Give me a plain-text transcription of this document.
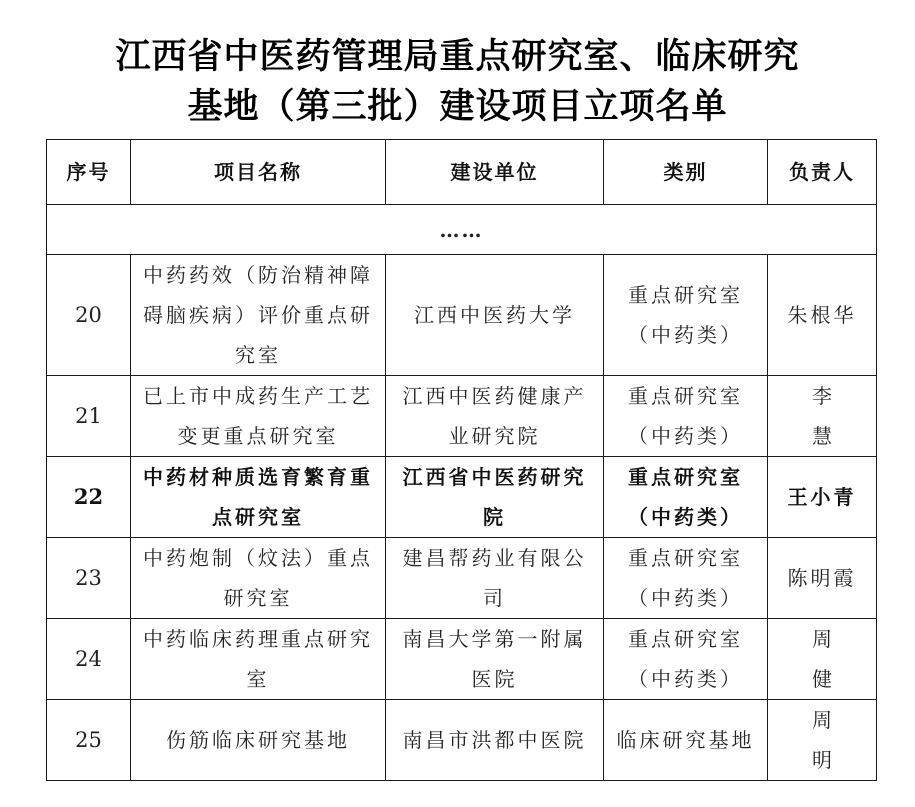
江西省中医药管理局重点研究室、临床研究
基地（第三批）建设项目立项名单
序号	项目名称	建设单位	类别	负责人
……				
20	中药药效（防治精神障碍脑疾病）评价重点研究室	江西中医药大学	重点研究室（中药类）	朱根华
21	已上市中成药生产工艺变更重点研究室	江西中医药健康产业研究院	重点研究室（中药类）	李慧
22	中药材种质选育繁育重点研究室	江西省中医药研究院	重点研究室（中药类）	王小青
23	中药炮制（炆法）重点研究室	建昌帮药业有限公司	重点研究室（中药类）	陈明霞
24	中药临床药理重点研究室	南昌大学第一附属医院	重点研究室（中药类）	周健
25	伤筋临床研究基地	南昌市洪都中医院	临床研究基地	周明
